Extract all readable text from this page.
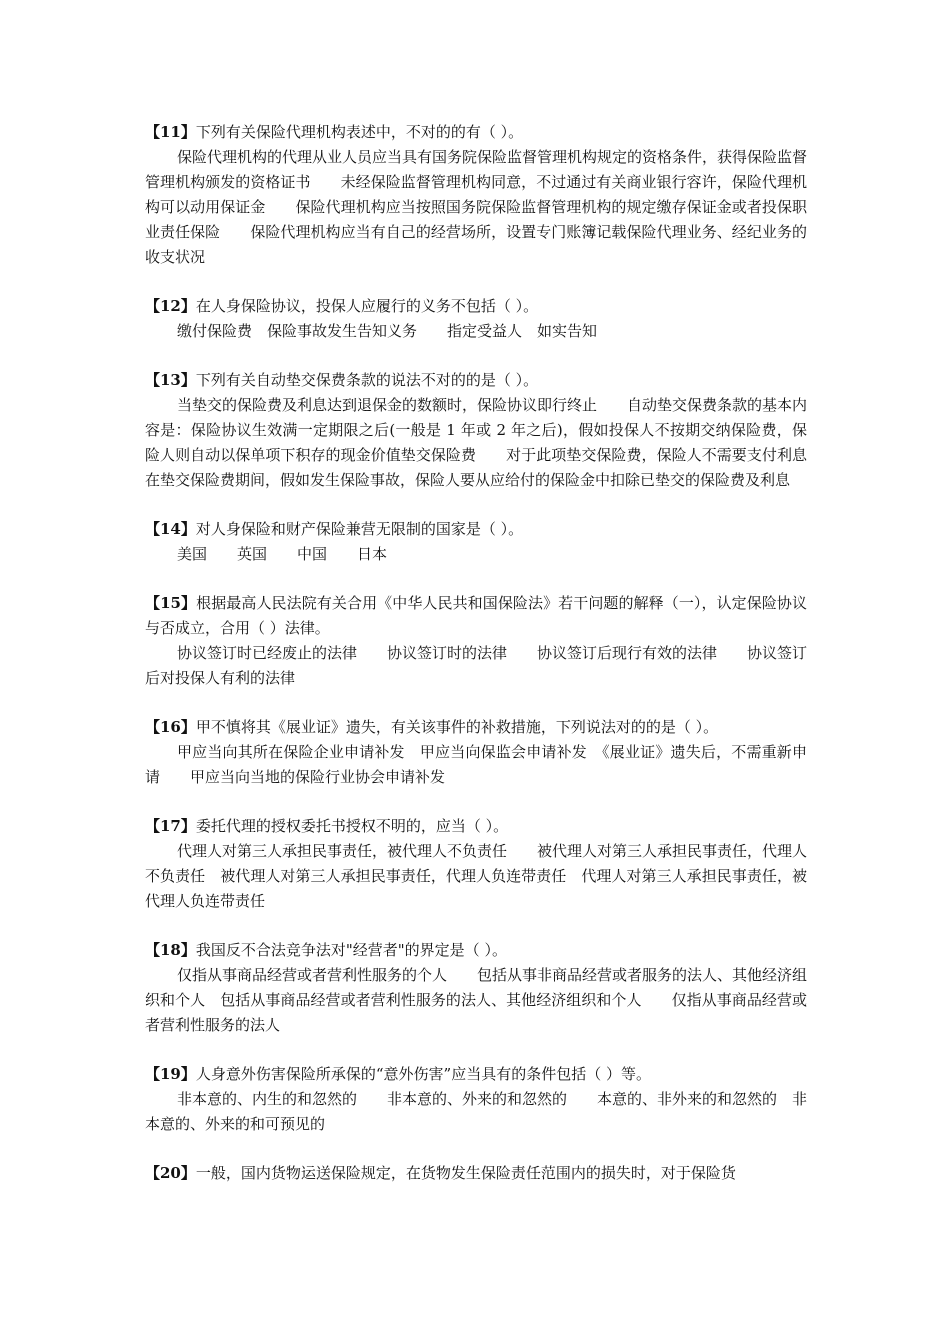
【11】下列有关保险代理机构表述中，不对的的有（ ）。
保险代理机构的代理从业人员应当具有国务院保险监督管理机构规定的资格条件，获得保险监督管理机构颁发的资格证书　　未经保险监督管理机构同意，不过通过有关商业银行容许，保险代理机构可以动用保证金　　保险代理机构应当按照国务院保险监督管理机构的规定缴存保证金或者投保职业责任保险　　保险代理机构应当有自己的经营场所，设置专门账簿记载保险代理业务、经纪业务的收支状况
【12】在人身保险协议，投保人应履行的义务不包括（ ）。
缴付保险费　保险事故发生告知义务　　指定受益人　如实告知
【13】下列有关自动垫交保费条款的说法不对的的是（ ）。
当垫交的保险费及利息达到退保金的数额时，保险协议即行终止　　自动垫交保费条款的基本内容是：保险协议生效满一定期限之后(一般是 1 年或 2 年之后)，假如投保人不按期交纳保险费，保险人则自动以保单项下积存的现金价值垫交保险费　　对于此项垫交保险费，保险人不需要支付利息　在垫交保险费期间，假如发生保险事故，保险人要从应给付的保险金中扣除已垫交的保险费及利息
【14】对人身保险和财产保险兼营无限制的国家是（ ）。
美国　　英国　　中国　　日本
【15】根据最高人民法院有关合用《中华人民共和国保险法》若干问题的解释（一），认定保险协议与否成立，合用（ ）法律。
协议签订时已经废止的法律　　协议签订时的法律　　协议签订后现行有效的法律　　协议签订后对投保人有利的法律
【16】甲不慎将其《展业证》遗失，有关该事件的补救措施，下列说法对的的是（ ）。
甲应当向其所在保险企业申请补发　甲应当向保监会申请补发　《展业证》遗失后，不需重新申请　　甲应当向当地的保险行业协会申请补发
【17】委托代理的授权委托书授权不明的，应当（ ）。
代理人对第三人承担民事责任，被代理人不负责任　　被代理人对第三人承担民事责任，代理人不负责任　被代理人对第三人承担民事责任，代理人负连带责任　代理人对第三人承担民事责任，被代理人负连带责任
【18】我国反不合法竞争法对"经营者"的界定是（ ）。
仅指从事商品经营或者营利性服务的个人　　包括从事非商品经营或者服务的法人、其他经济组织和个人　包括从事商品经营或者营利性服务的法人、其他经济组织和个人　　仅指从事商品经营或者营利性服务的法人
【19】人身意外伤害保险所承保的“意外伤害”应当具有的条件包括（ ）等。
非本意的、内生的和忽然的　　非本意的、外来的和忽然的　　本意的、非外来的和忽然的　非本意的、外来的和可预见的
【20】一般，国内货物运送保险规定，在货物发生保险责任范围内的损失时，对于保险货
